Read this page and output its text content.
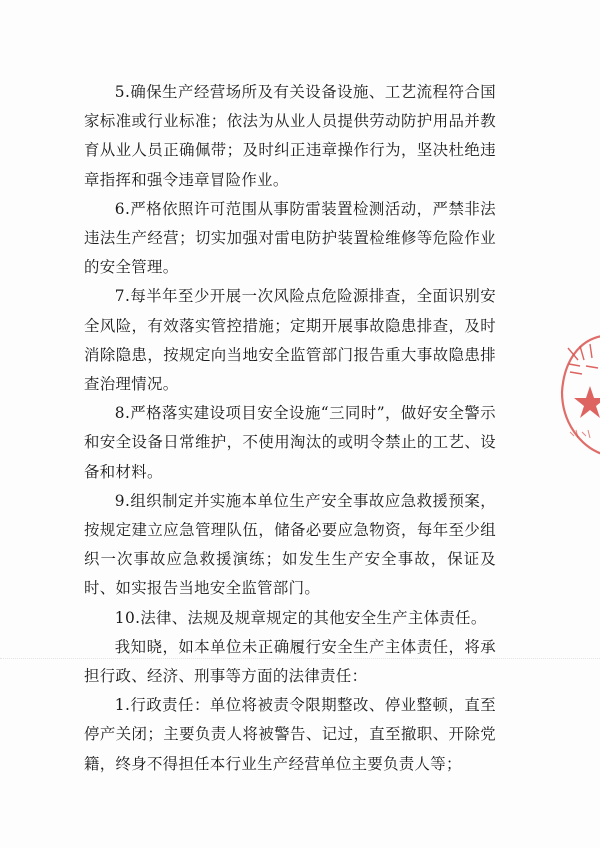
5.确保生产经营场所及有关设备设施、工艺流程符合国家标准或行业标准；依法为从业人员提供劳动防护用品并教育从业人员正确佩带；及时纠正违章操作行为，坚决杜绝违章指挥和强令违章冒险作业。

6.严格依照许可范围从事防雷装置检测活动，严禁非法违法生产经营；切实加强对雷电防护装置检维修等危险作业的安全管理。

7.每半年至少开展一次风险点危险源排查，全面识别安全风险，有效落实管控措施；定期开展事故隐患排查，及时消除隐患，按规定向当地安全监管部门报告重大事故隐患排查治理情况。

8.严格落实建设项目安全设施“三同时”，做好安全警示和安全设备日常维护，不使用淘汰的或明令禁止的工艺、设备和材料。

9.组织制定并实施本单位生产安全事故应急救援预案，按规定建立应急管理队伍，储备必要应急物资，每年至少组织一次事故应急救援演练；如发生生产安全事故，保证及时、如实报告当地安全监管部门。

10.法律、法规及规章规定的其他安全生产主体责任。

我知晓，如本单位未正确履行安全生产主体责任，将承担行政、经济、刑事等方面的法律责任：

1.行政责任：单位将被责令限期整改、停业整顿，直至停产关闭；主要负责人将被警告、记过，直至撤职、开除党籍，终身不得担任本行业生产经营单位主要负责人等；
